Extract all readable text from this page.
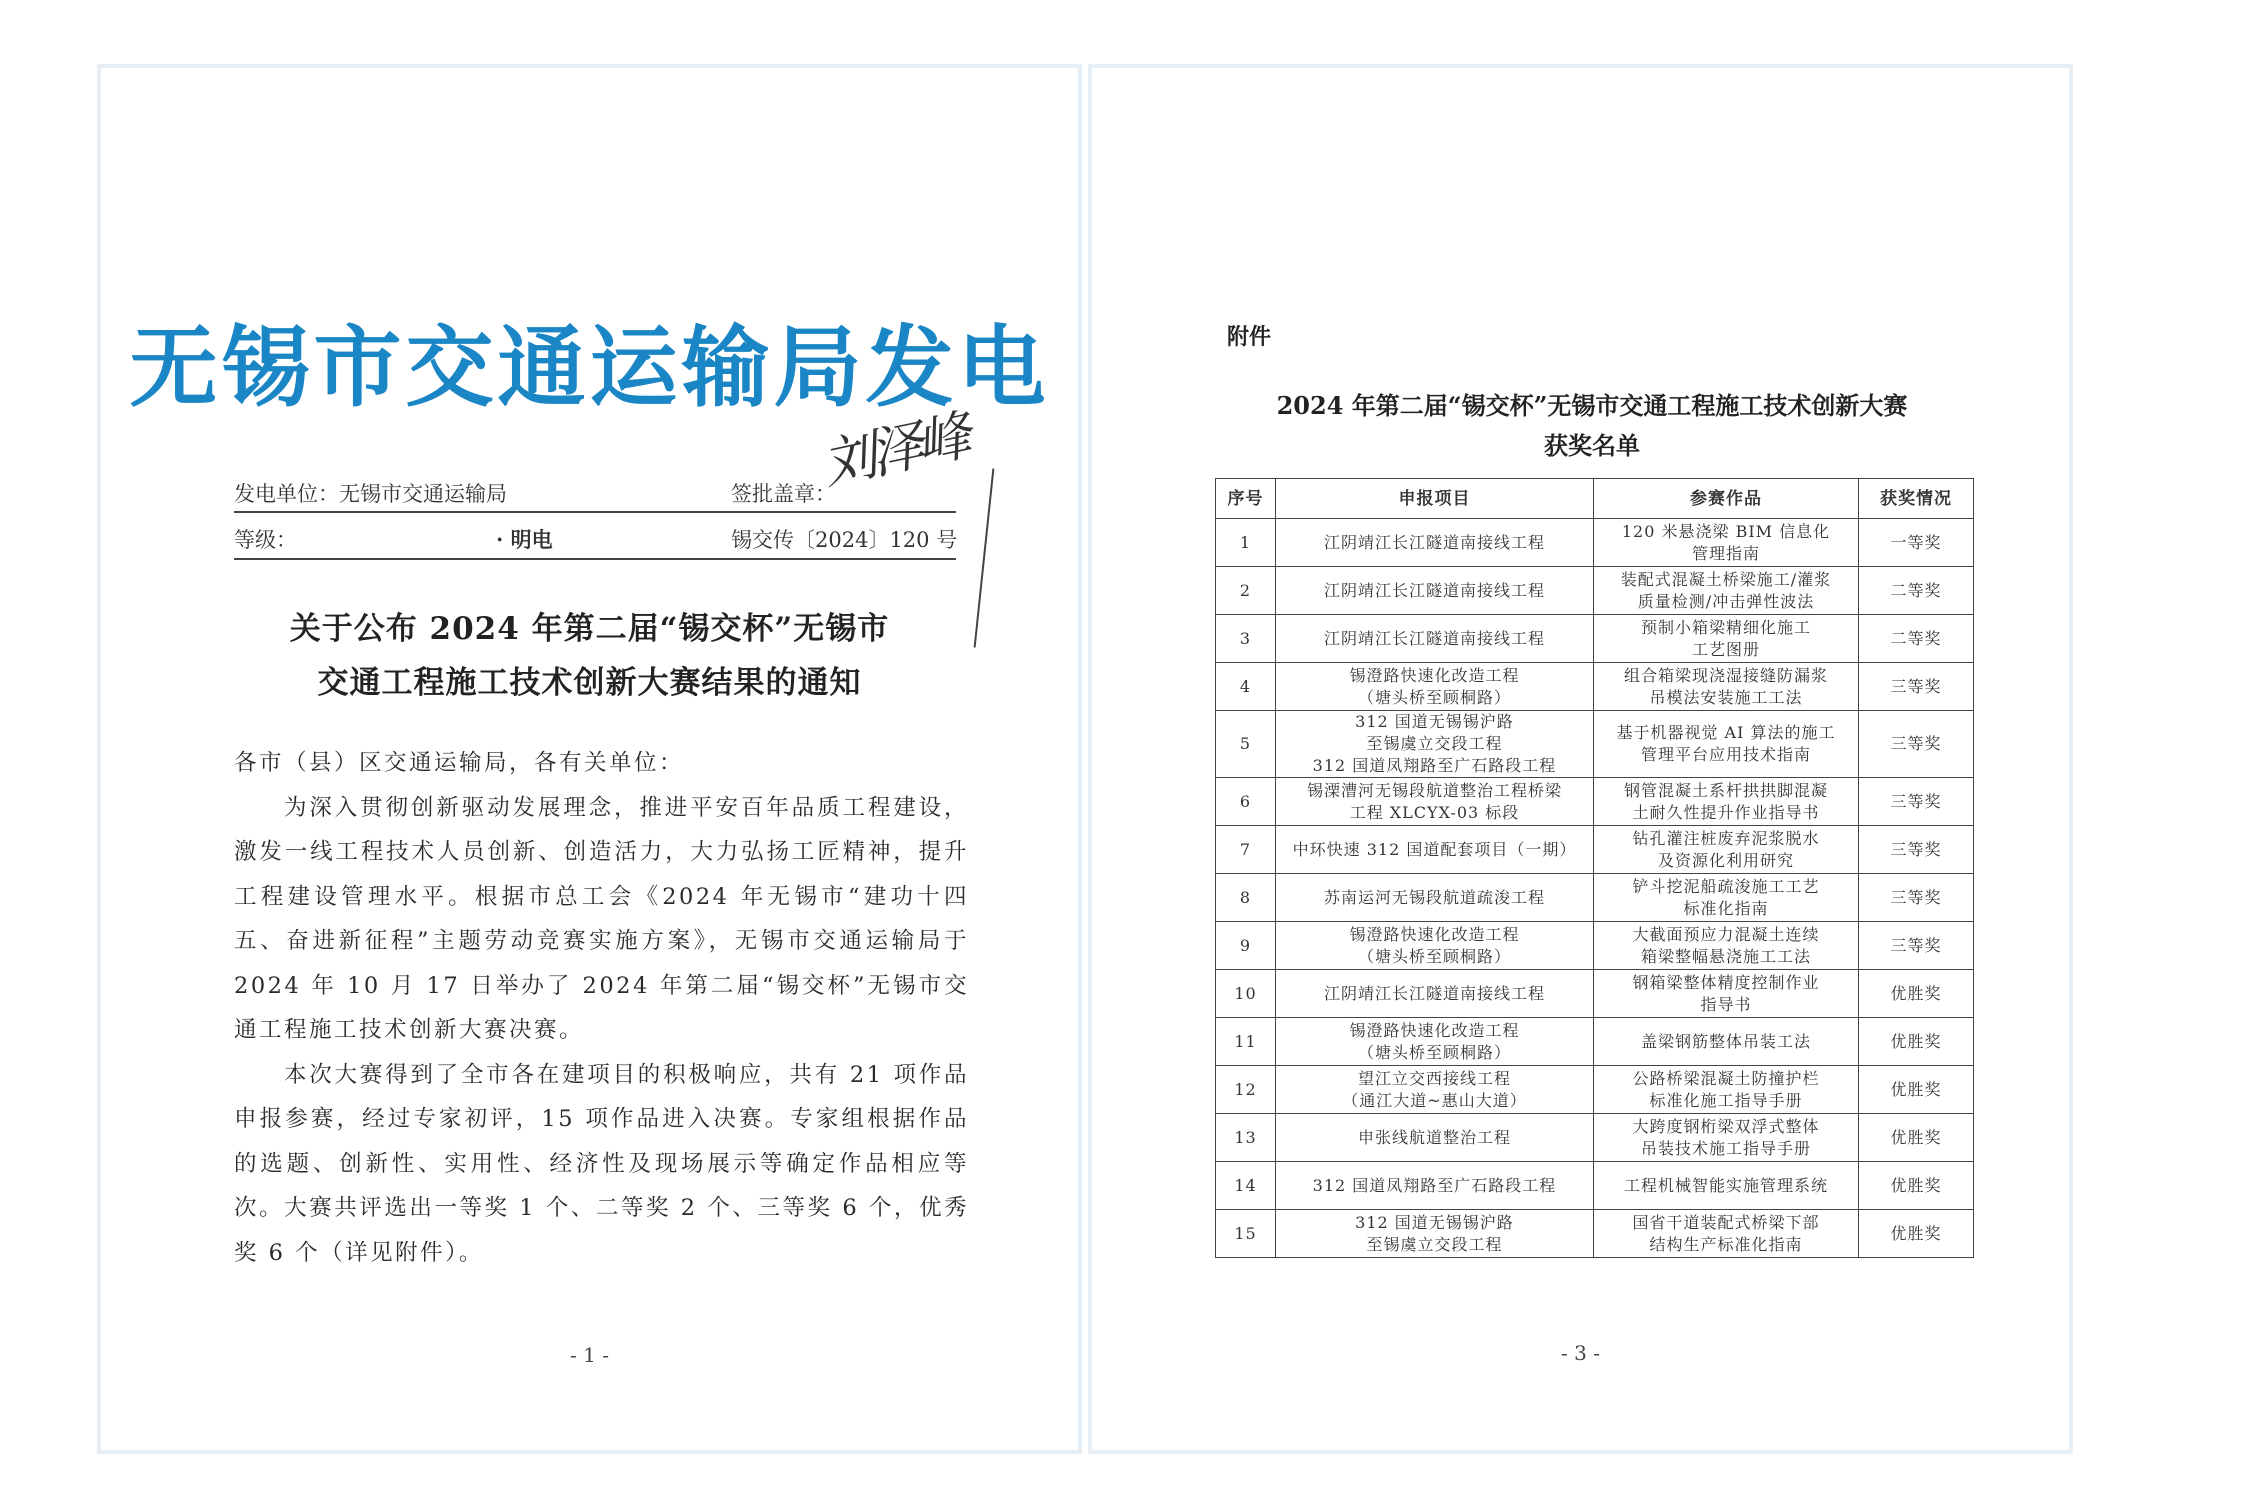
无锡市交通运输局发电
发电单位：无锡市交通运输局	签批盖章：
刘泽峰
等级：	· 明电	锡交传〔2024〕120 号
关于公布 2024 年第二届“锡交杯”无锡市
交通工程施工技术创新大赛结果的通知

各市（县）区交通运输局，各有关单位：

为深入贯彻创新驱动发展理念，推进平安百年品质工程建设，激发一线工程技术人员创新、创造活力，大力弘扬工匠精神，提升工程建设管理水平。根据市总工会《2024 年无锡市“建功十四五、奋进新征程”主题劳动竞赛实施方案》，无锡市交通运输局于 2024 年 10 月 17 日举办了 2024 年第二届“锡交杯”无锡市交通工程施工技术创新大赛决赛。

本次大赛得到了全市各在建项目的积极响应，共有 21 项作品申报参赛，经过专家初评，15 项作品进入决赛。专家组根据作品的选题、创新性、实用性、经济性及现场展示等确定作品相应等次。大赛共评选出一等奖 1 个、二等奖 2 个、三等奖 6 个，优秀奖 6 个（详见附件）。

- 1 -
附件
2024 年第二届“锡交杯”无锡市交通工程施工技术创新大赛
获奖名单
序号	申报项目	参赛作品	获奖情况
1	江阴靖江长江隧道南接线工程	120 米悬浇梁 BIM 信息化
管理指南	一等奖
2	江阴靖江长江隧道南接线工程	装配式混凝土桥梁施工/灌浆
质量检测/冲击弹性波法	二等奖
3	江阴靖江长江隧道南接线工程	预制小箱梁精细化施工
工艺图册	二等奖
4	锡澄路快速化改造工程
（塘头桥至顾桐路）	组合箱梁现浇湿接缝防漏浆
吊模法安装施工工法	三等奖
5	312 国道无锡锡沪路
至锡虞立交段工程
312 国道凤翔路至广石路段工程	基于机器视觉 AI 算法的施工
管理平台应用技术指南	三等奖
6	锡溧漕河无锡段航道整治工程桥梁
工程 XLCYX-03 标段	钢管混凝土系杆拱拱脚混凝
土耐久性提升作业指导书	三等奖
7	中环快速 312 国道配套项目（一期）	钻孔灌注桩废弃泥浆脱水
及资源化利用研究	三等奖
8	苏南运河无锡段航道疏浚工程	铲斗挖泥船疏浚施工工艺
标准化指南	三等奖
9	锡澄路快速化改造工程
（塘头桥至顾桐路）	大截面预应力混凝土连续
箱梁整幅悬浇施工工法	三等奖
10	江阴靖江长江隧道南接线工程	钢箱梁整体精度控制作业
指导书	优胜奖
11	锡澄路快速化改造工程
（塘头桥至顾桐路）	盖梁钢筋整体吊装工法	优胜奖
12	望江立交西接线工程
（通江大道~惠山大道）	公路桥梁混凝土防撞护栏
标准化施工指导手册	优胜奖
13	申张线航道整治工程	大跨度钢桁梁双浮式整体
吊装技术施工指导手册	优胜奖
14	312 国道凤翔路至广石路段工程	工程机械智能实施管理系统	优胜奖
15	312 国道无锡锡沪路
至锡虞立交段工程	国省干道装配式桥梁下部
结构生产标准化指南	优胜奖
- 3 -
